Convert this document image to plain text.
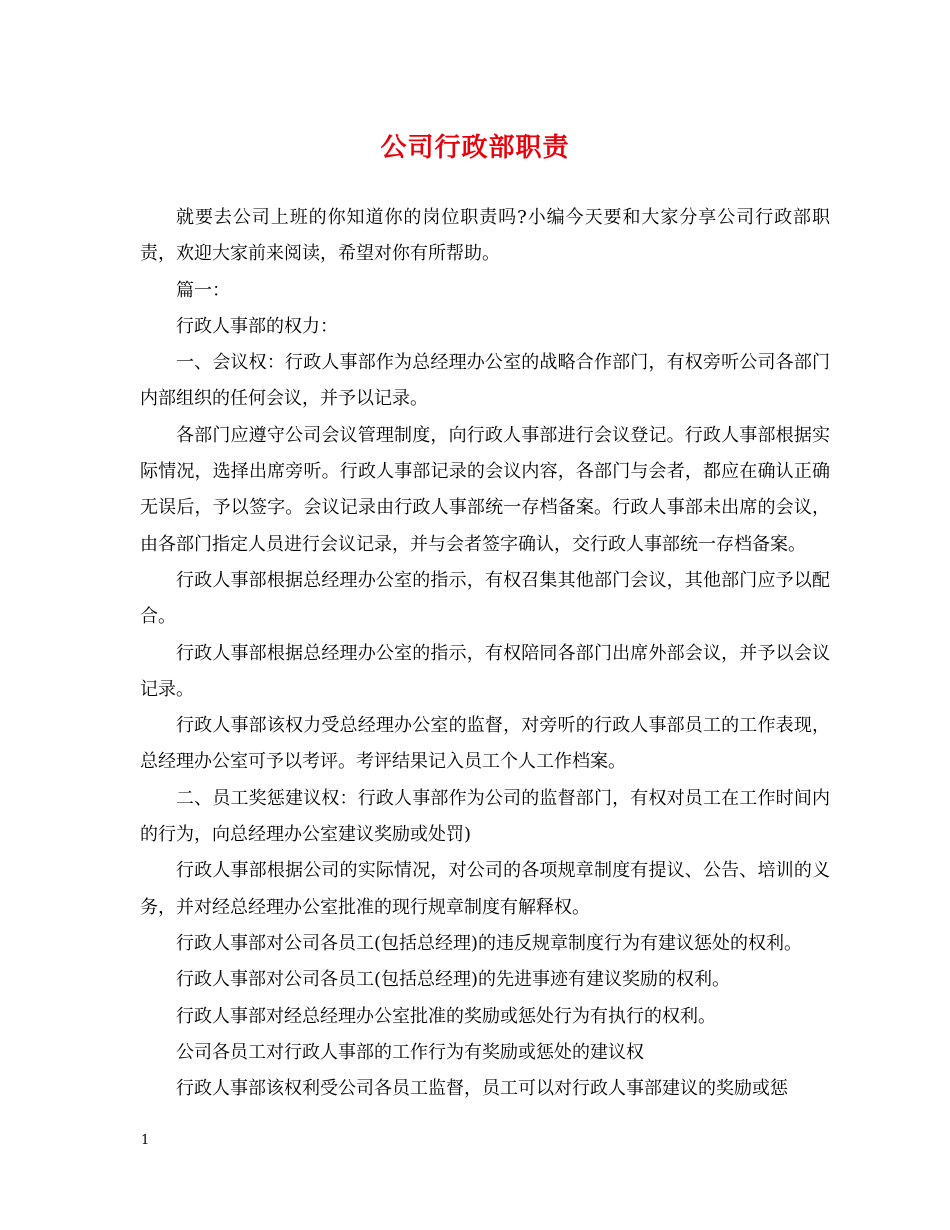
公司行政部职责

就要去公司上班的你知道你的岗位职责吗?小编今天要和大家分享公司行政部职责，欢迎大家前来阅读，希望对你有所帮助。

篇一：

行政人事部的权力：

一、会议权：行政人事部作为总经理办公室的战略合作部门，有权旁听公司各部门内部组织的任何会议，并予以记录。

各部门应遵守公司会议管理制度，向行政人事部进行会议登记。行政人事部根据实际情况，选择出席旁听。行政人事部记录的会议内容，各部门与会者，都应在确认正确无误后，予以签字。会议记录由行政人事部统一存档备案。行政人事部未出席的会议，由各部门指定人员进行会议记录，并与会者签字确认，交行政人事部统一存档备案。

行政人事部根据总经理办公室的指示，有权召集其他部门会议，其他部门应予以配合。

行政人事部根据总经理办公室的指示，有权陪同各部门出席外部会议，并予以会议记录。

行政人事部该权力受总经理办公室的监督，对旁听的行政人事部员工的工作表现，总经理办公室可予以考评。考评结果记入员工个人工作档案。

二、员工奖惩建议权：行政人事部作为公司的监督部门，有权对员工在工作时间内的行为，向总经理办公室建议奖励或处罚)

行政人事部根据公司的实际情况，对公司的各项规章制度有提议、公告、培训的义务，并对经总经理办公室批准的现行规章制度有解释权。

行政人事部对公司各员工(包括总经理)的违反规章制度行为有建议惩处的权利。

行政人事部对公司各员工(包括总经理)的先进事迹有建议奖励的权利。

行政人事部对经总经理办公室批准的奖励或惩处行为有执行的权利。

公司各员工对行政人事部的工作行为有奖励或惩处的建议权

行政人事部该权利受公司各员工监督，员工可以对行政人事部建议的奖励或惩

1
